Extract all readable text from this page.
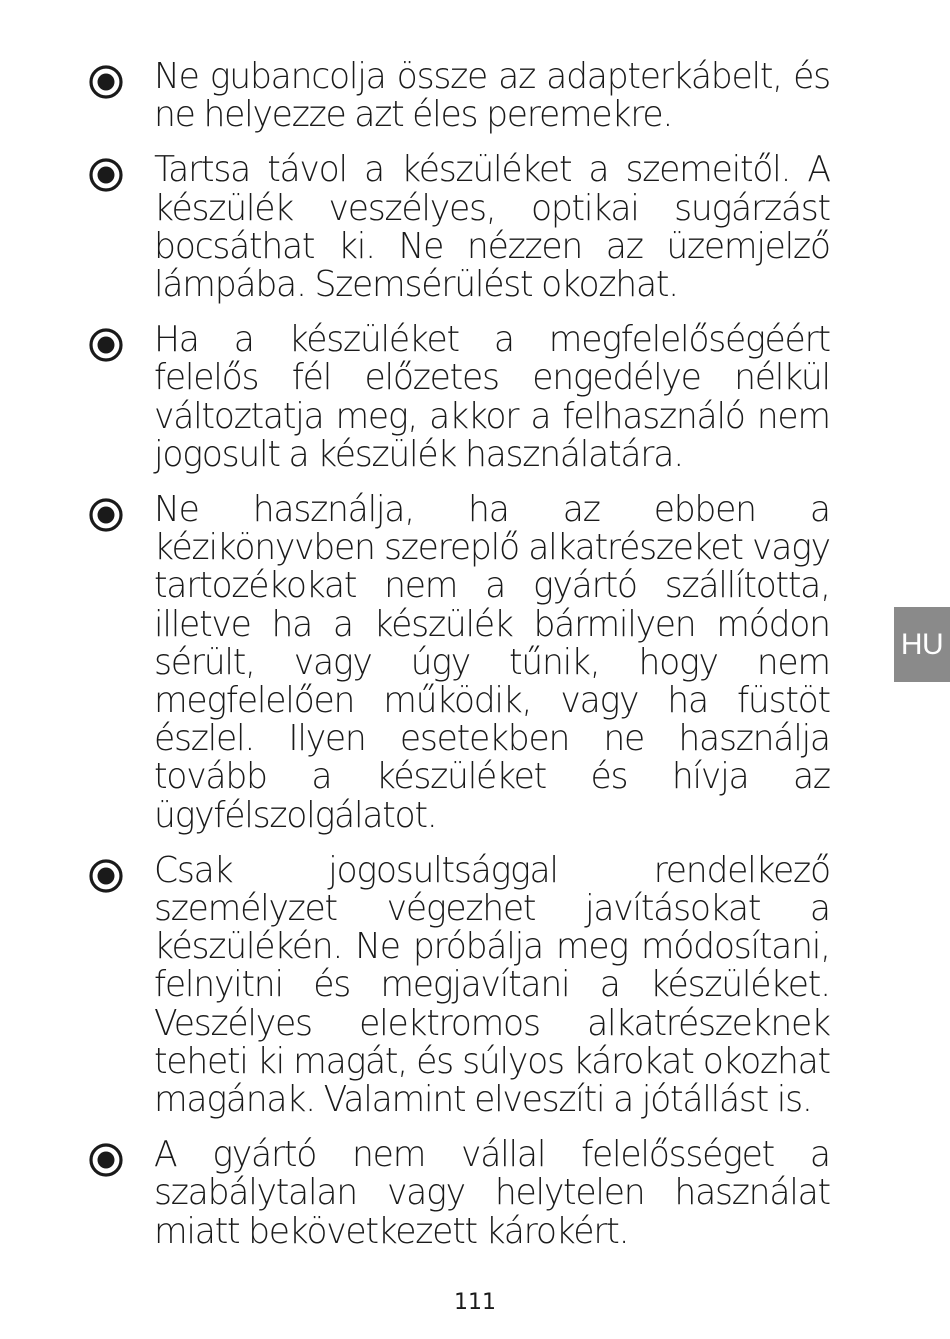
Ne gubancolja össze az adapterkábelt, és ne helyezze azt éles peremekre.
Tartsa távol a készüléket a szemeitől. A készülék veszélyes, optikai sugárzást bocsáthat ki. Ne nézzen az üzemjelző lámpába. Szemsérülést okozhat.
Ha a készüléket a megfelelőségéért felelős fél előzetes engedélye nélkül változtatja meg, akkor a felhasználó nem jogosult a készülék használatára.
Ne használja, ha az ebben a kézikönyvben szereplő alkatrészeket vagy tartozékokat nem a gyártó szállította, illetve ha a készülék bármilyen módon sérült, vagy úgy tűnik, hogy nem megfelelően működik, vagy ha füstöt észlel. Ilyen esetekben ne használja tovább a készüléket és hívja az ügyfélszolgálatot.
Csak jogosultsággal rendelkező személyzet végezhet javításokat a készülékén. Ne próbálja meg módosítani, felnyitni és megjavítani a készüléket. Veszélyes elektromos alkatrészeknek teheti ki magát, és súlyos károkat okozhat magának. Valamint elveszíti a jótállást is.
A gyártó nem vállal felelősséget a szabálytalan vagy helytelen használat miatt bekövetkezett károkért.
HU
111
